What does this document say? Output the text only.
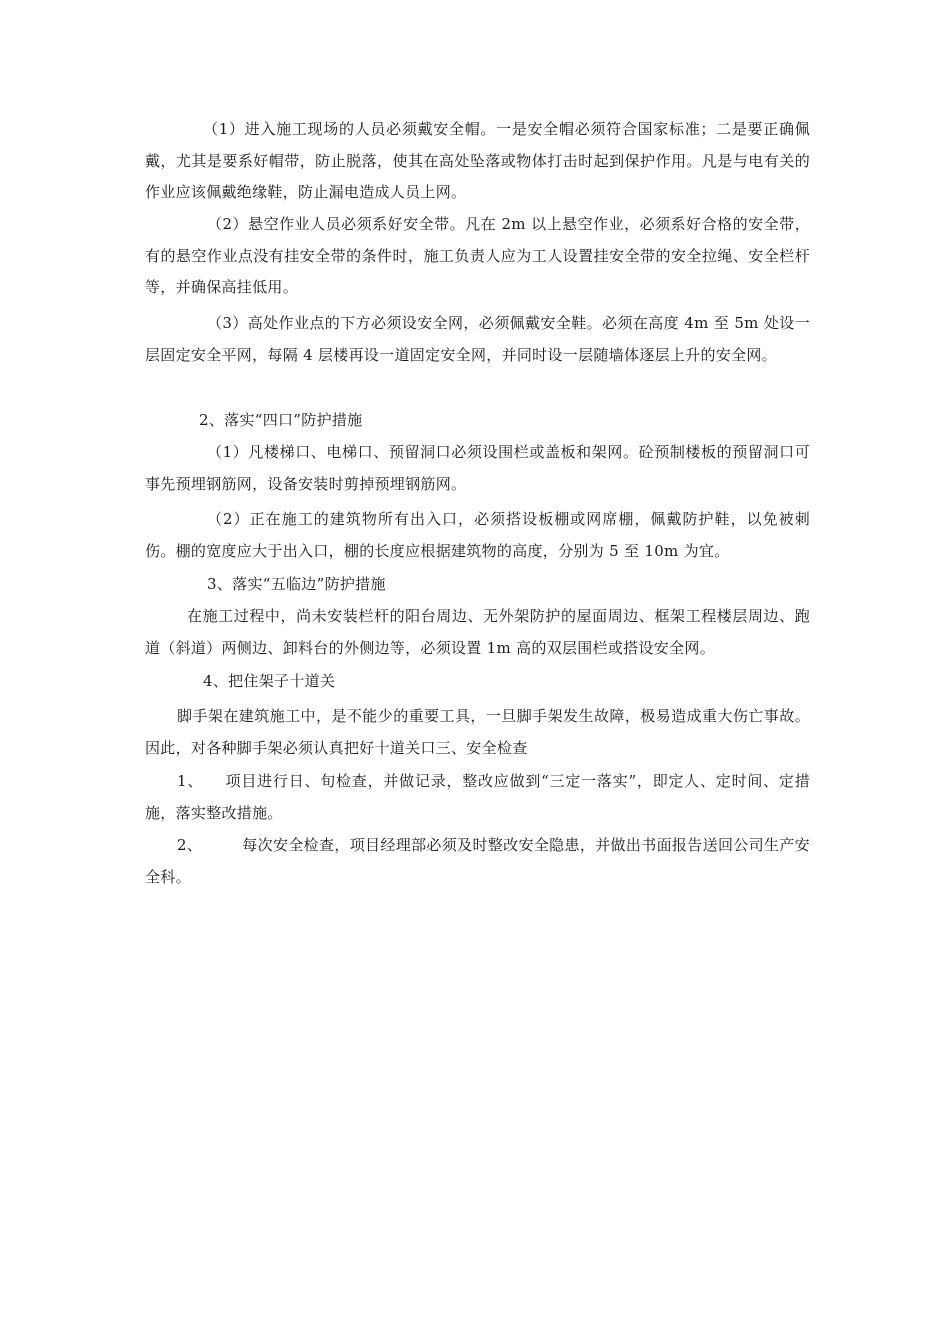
（1）进入施工现场的人员必须戴安全帽。一是安全帽必须符合国家标准；二是要正确佩戴，尤其是要系好帽带，防止脱落，使其在高处坠落或物体打击时起到保护作用。凡是与电有关的作业应该佩戴绝缘鞋，防止漏电造成人员上网。

（2）悬空作业人员必须系好安全带。凡在 2m 以上悬空作业，必须系好合格的安全带，有的悬空作业点没有挂安全带的条件时，施工负责人应为工人设置挂安全带的安全拉绳、安全栏杆等，并确保高挂低用。

（3）高处作业点的下方必须设安全网，必须佩戴安全鞋。必须在高度 4m 至 5m 处设一层固定安全平网，每隔 4 层楼再设一道固定安全网，并同时设一层随墙体逐层上升的安全网。

2、落实“四口”防护措施

（1）凡楼梯口、电梯口、预留洞口必须设围栏或盖板和架网。砼预制楼板的预留洞口可事先预埋钢筋网，设备安装时剪掉预埋钢筋网。

（2）正在施工的建筑物所有出入口，必须搭设板棚或网席棚，佩戴防护鞋，以免被刺伤。棚的宽度应大于出入口，棚的长度应根据建筑物的高度，分别为 5 至 10m 为宜。

3、落实“五临边”防护措施

在施工过程中，尚未安装栏杆的阳台周边、无外架防护的屋面周边、框架工程楼层周边、跑道（斜道）两侧边、卸料台的外侧边等，必须设置 1m 高的双层围栏或搭设安全网。

4、把住架子十道关

脚手架在建筑施工中，是不能少的重要工具，一旦脚手架发生故障，极易造成重大伤亡事故。因此，对各种脚手架必须认真把好十道关口三、安全检查

1、 项目进行日、旬检查，并做记录，整改应做到“三定一落实”，即定人、定时间、定措施，落实整改措施。

2、	每次安全检查，项目经理部必须及时整改安全隐患，并做出书面报告送回公司生产安全科。
